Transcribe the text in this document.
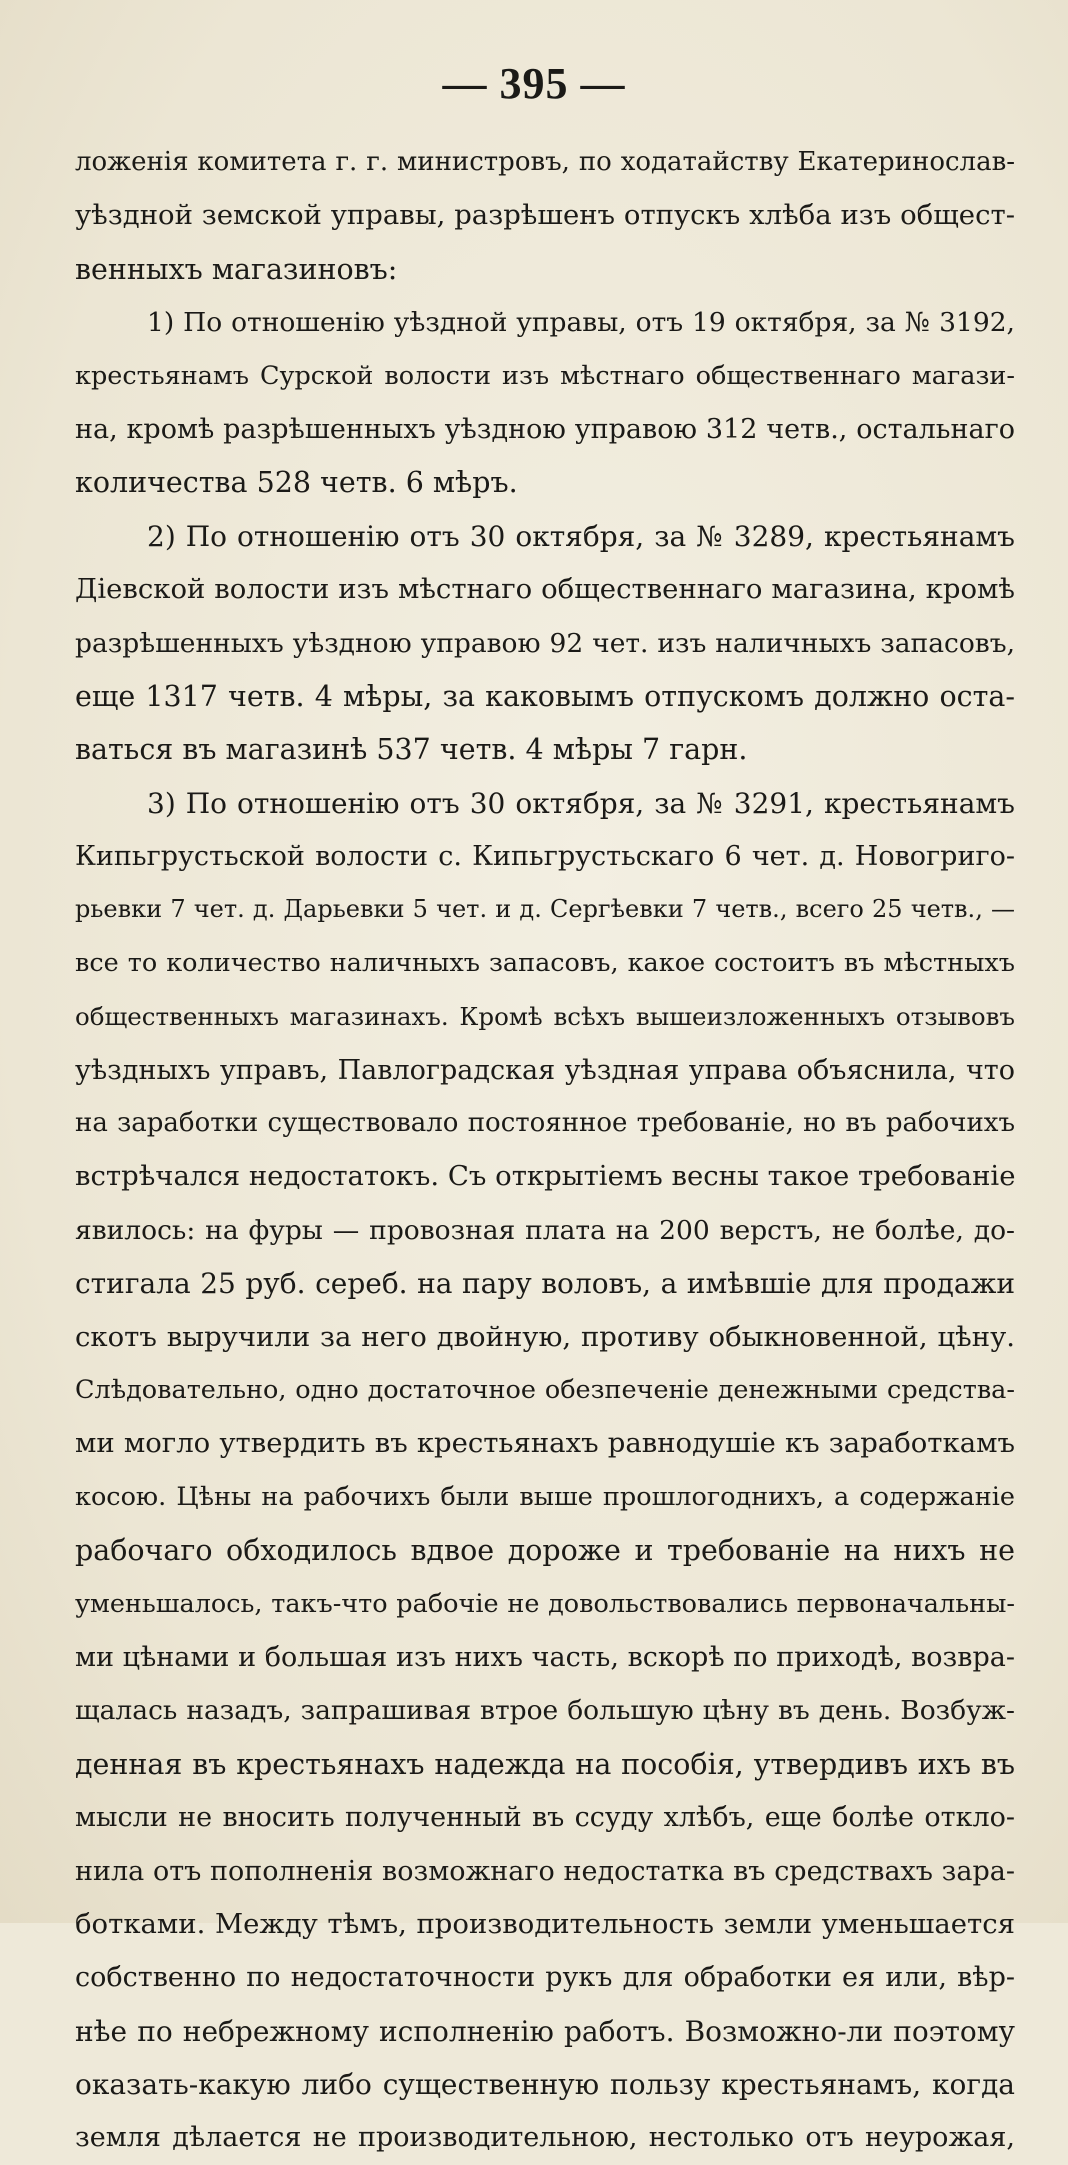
— 395 —
ложенія комитета г. г. министровъ, по ходатайству Екатеринослав-
уѣздной земской управы, разрѣшенъ отпускъ хлѣба изъ общест-
венныхъ магазиновъ:
1) По отношенію уѣздной управы, отъ 19 октября, за № 3192,
крестьянамъ Сурской волости изъ мѣстнаго общественнаго магази-
на, кромѣ разрѣшенныхъ уѣздною управою 312 четв., остальнаго
количества 528 четв. 6 мѣръ.
2) По отношенію отъ 30 октября, за № 3289, крестьянамъ
Діевской волости изъ мѣстнаго общественнаго магазина, кромѣ
разрѣшенныхъ уѣздною управою 92 чет. изъ наличныхъ запасовъ,
еще 1317 четв. 4 мѣры, за каковымъ отпускомъ должно оста-
ваться въ магазинѣ 537 четв. 4 мѣры 7 гарн.
3) По отношенію отъ 30 октября, за № 3291, крестьянамъ
Кипьгрустьской волости с. Кипьгрустьскаго 6 чет. д. Новогриго-
рьевки 7 чет. д. Дарьевки 5 чет. и д. Сергѣевки 7 четв., всего 25 четв., —
все то количество наличныхъ запасовъ, какое состоитъ въ мѣстныхъ
общественныхъ магазинахъ. Кромѣ всѣхъ вышеизложенныхъ отзывовъ
уѣздныхъ управъ, Павлоградская уѣздная управа объяснила, что
на заработки существовало постоянное требованіе, но въ рабочихъ
встрѣчался недостатокъ. Съ открытіемъ весны такое требованіе
явилось: на фуры — провозная плата на 200 верстъ, не болѣе, до-
стигала 25 руб. сереб. на пару воловъ, а имѣвшіе для продажи
скотъ выручили за него двойную, противу обыкновенной, цѣну.
Слѣдовательно, одно достаточное обезпеченіе денежными средства-
ми могло утвердить въ крестьянахъ равнодушіе къ заработкамъ
косою. Цѣны на рабочихъ были выше прошлогоднихъ, а содержаніе
рабочаго обходилось вдвое дороже и требованіе на нихъ не
уменьшалось, такъ-что рабочіе не довольствовались первоначальны-
ми цѣнами и большая изъ нихъ часть, вскорѣ по приходѣ, возвра-
щалась назадъ, запрашивая втрое большую цѣну въ день. Возбуж-
денная въ крестьянахъ надежда на пособія, утвердивъ ихъ въ
мысли не вносить полученный въ ссуду хлѣбъ, еще болѣе откло-
нила отъ пополненія возможнаго недостатка въ средствахъ зара-
ботками. Между тѣмъ, производительность земли уменьшается
собственно по недостаточности рукъ для обработки ея или, вѣр-
нѣе по небрежному исполненію работъ. Возможно-ли поэтому
оказать-какую либо существенную пользу крестьянамъ, когда
земля дѣлается не производительною, нестолько отъ неурожая,
